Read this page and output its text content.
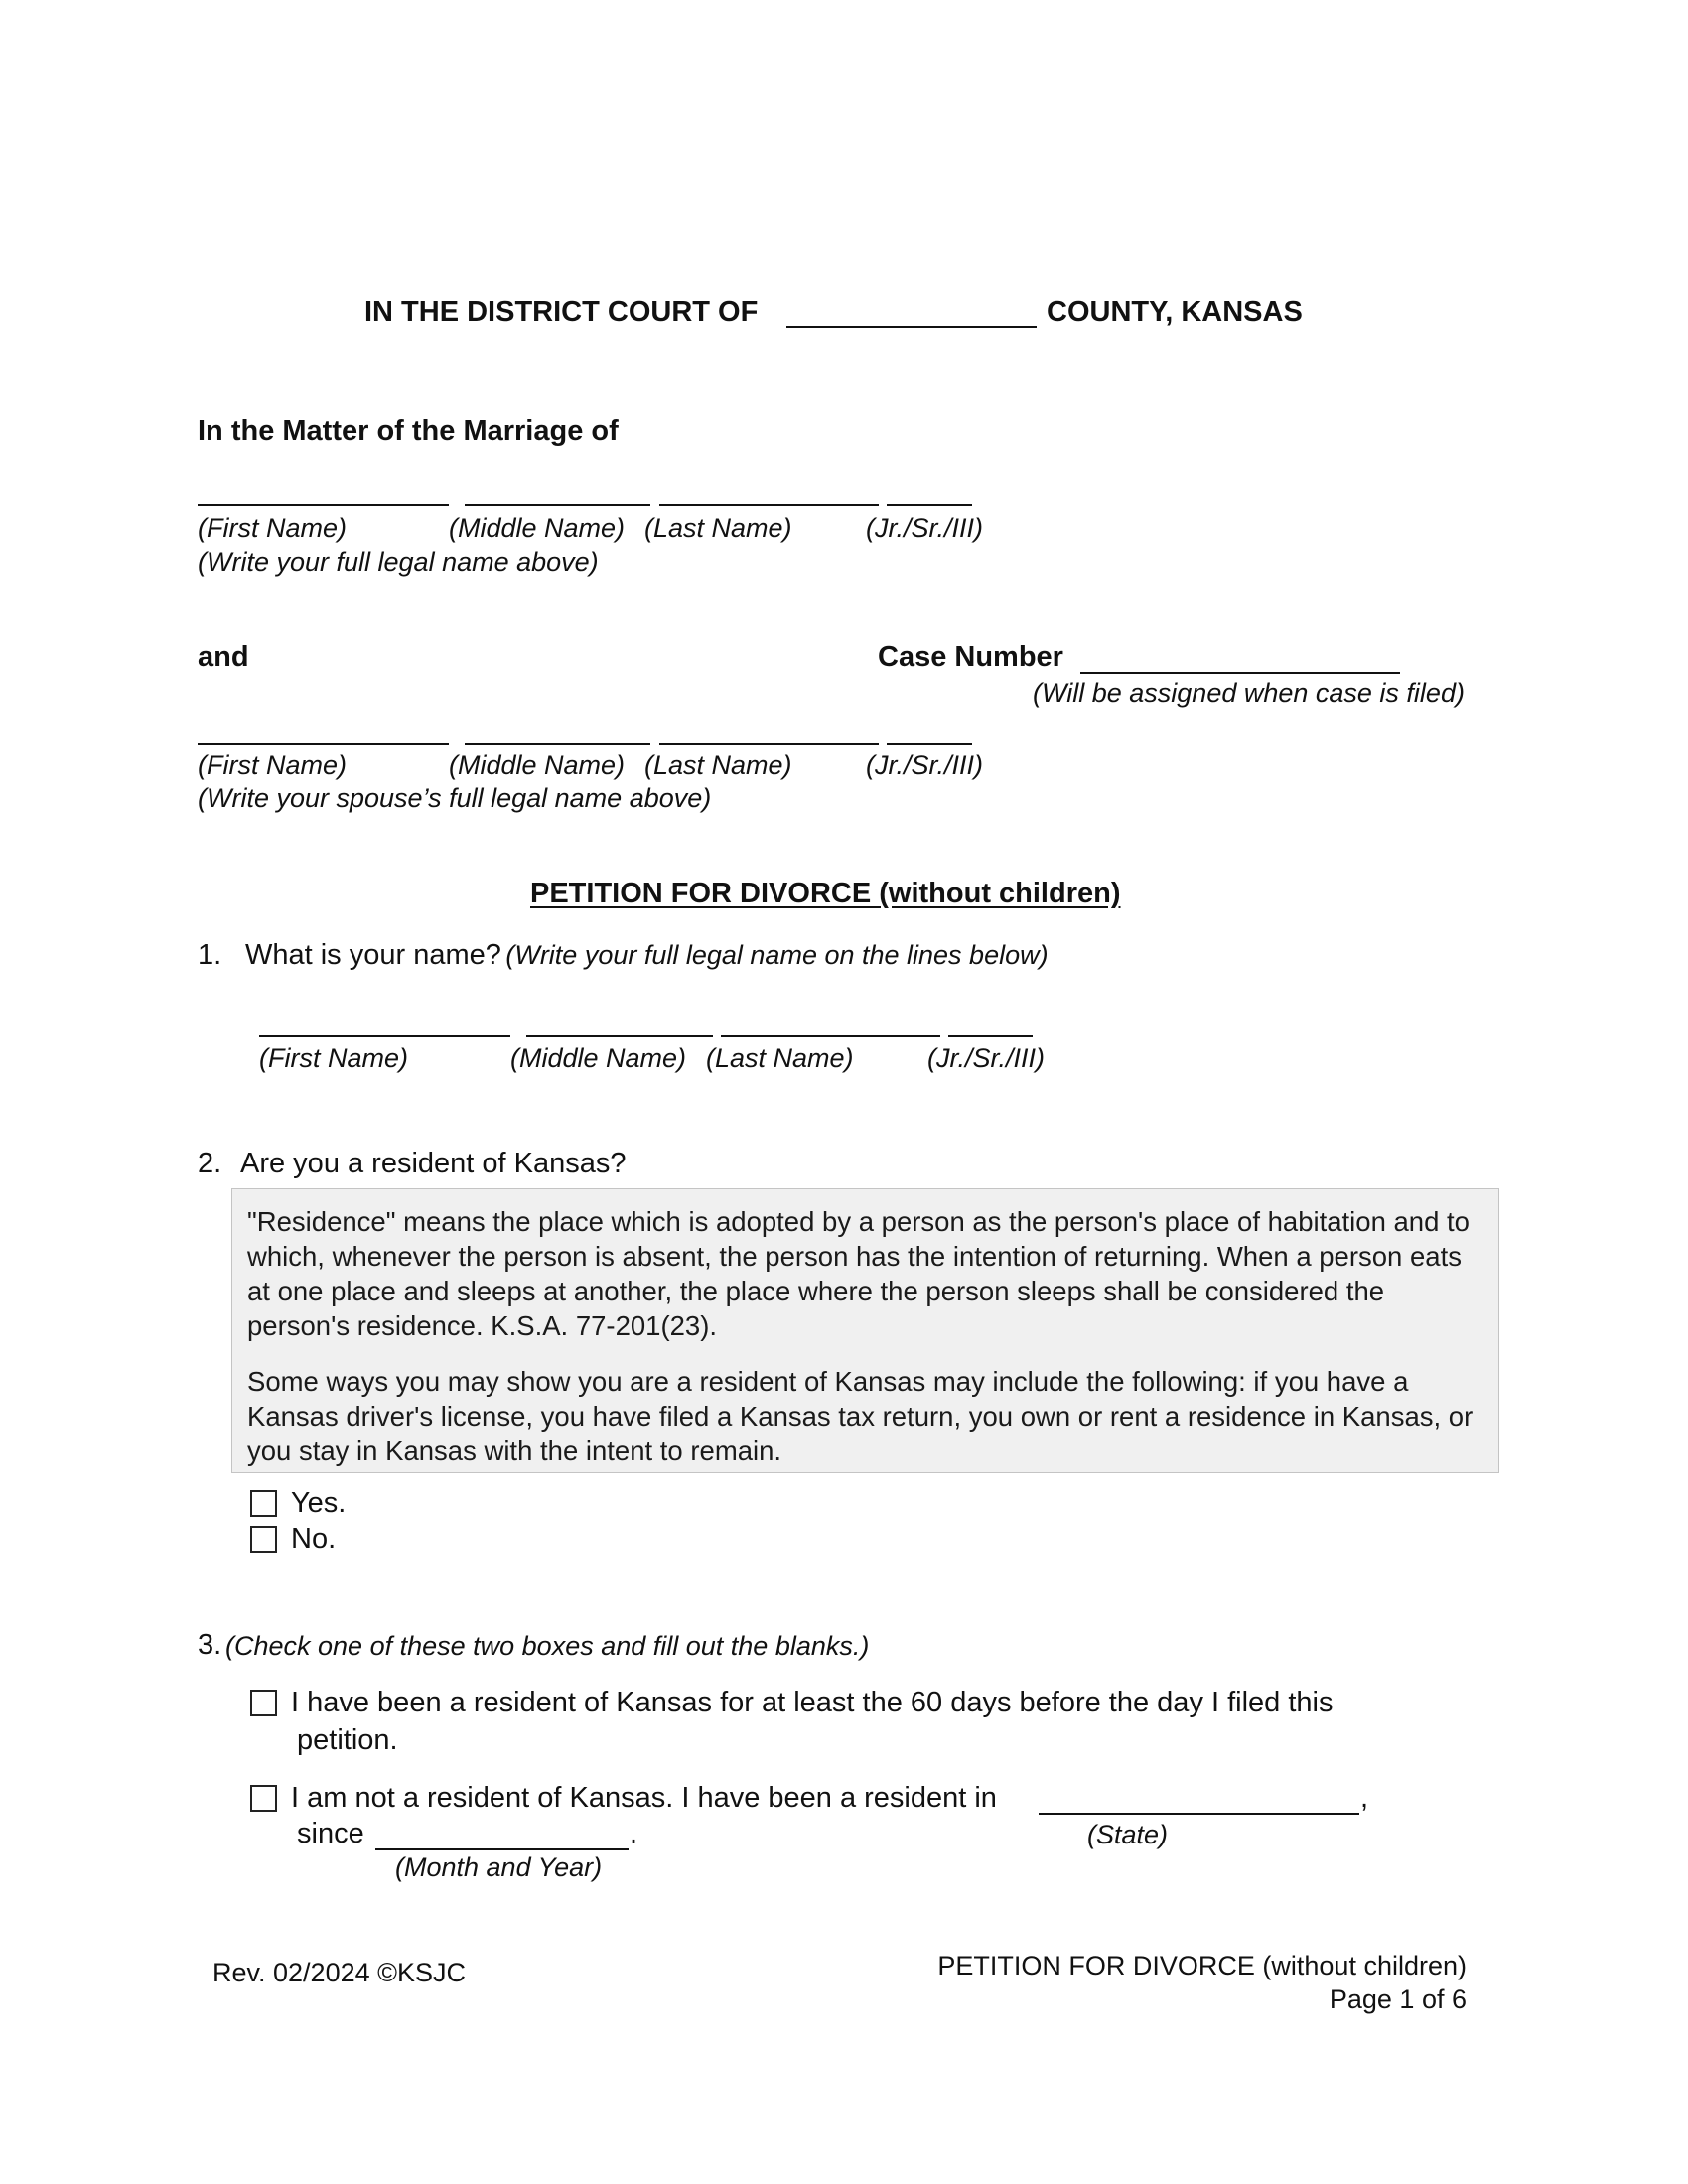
IN THE DISTRICT COURT OF	COUNTY, KANSAS
In the Matter of the Marriage of
(First Name)	(Middle Name) (Last Name)	(Jr./Sr./III)
(Write your full legal name above)
and	Case Number
(Will be assigned when case is filed)
(First Name)	(Middle Name) (Last Name)	(Jr./Sr./III)
(Write your spouse’s full legal name above)
PETITION FOR DIVORCE (without children)
1. What is your name? (Write your full legal name on the lines below)
(First Name)	(Middle Name) (Last Name)	(Jr./Sr./III)
2. Are you a resident of Kansas?

"Residence" means the place which is adopted by a person as the person's place of habitation and to

which, whenever the person is absent, the person has the intention of returning. When a person eats

at one place and sleeps at another, the place where the person sleeps shall be considered the

person's residence. K.S.A. 77-201(23).

Some ways you may show you are a resident of Kansas may include the following: if you have a

Kansas driver's license, you have filed a Kansas tax return, you own or rent a residence in Kansas, or

you stay in Kansas with the intent to remain.

Yes.
No.
3. (Check one of these two boxes and fill out the blanks.)
I have been a resident of Kansas for at least the 60 days before the day I filed this
petition.
I am not a resident of Kansas. I have been a resident in	,
(State)
since	.
(Month and Year)
Rev. 02/2024 ©KSJC	PETITION FOR DIVORCE (without children)
Page 1 of 6
